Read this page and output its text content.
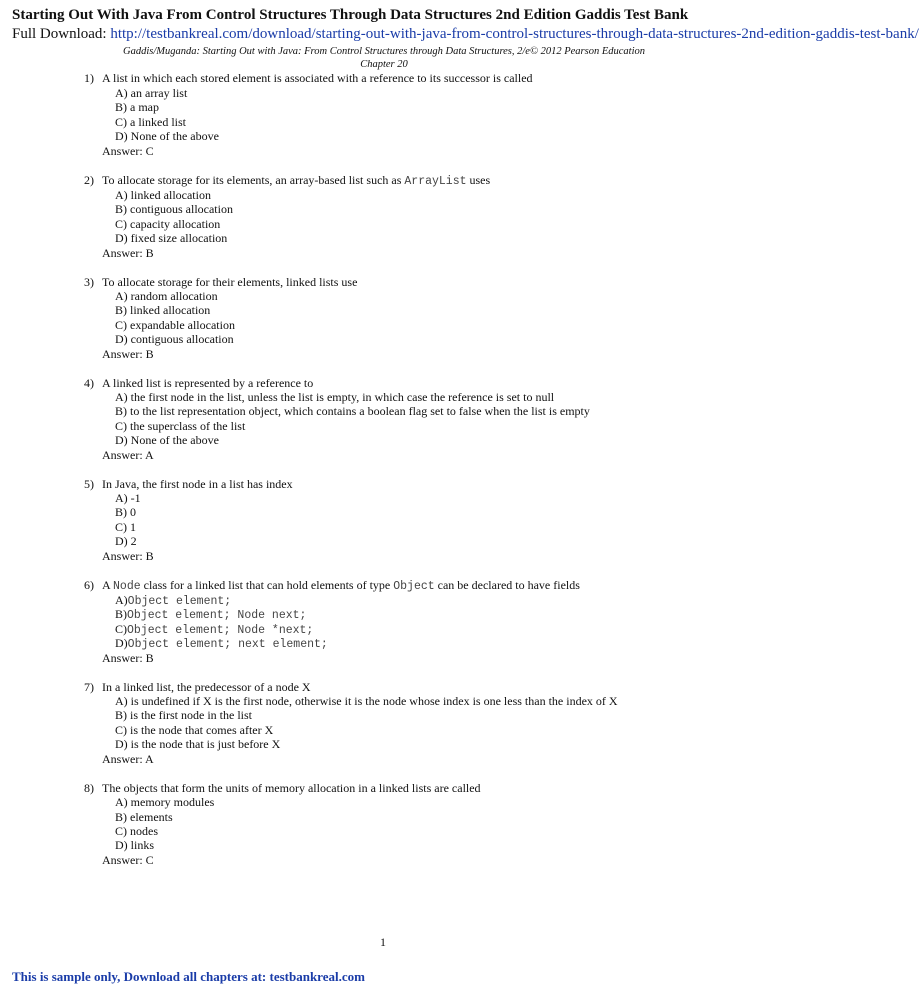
Starting Out With Java From Control Structures Through Data Structures 2nd Edition Gaddis Test Bank
Full Download: http://testbankreal.com/download/starting-out-with-java-from-control-structures-through-data-structures-2nd-edition-gaddis-test-bank/
Gaddis/Muganda: Starting Out with Java: From Control Structures through Data Structures, 2/e© 2012 Pearson Education
Chapter 20
1) A list in which each stored element is associated with a reference to its successor is called
A) an array list
B) a map
C) a linked list
D) None of the above
Answer: C
2) To allocate storage for its elements, an array-based list such as ArrayList uses
A) linked allocation
B) contiguous allocation
C) capacity allocation
D) fixed size allocation
Answer: B
3) To allocate storage for their elements, linked lists use
A) random allocation
B) linked allocation
C) expandable allocation
D) contiguous allocation
Answer: B
4) A linked list is represented by a reference to
A) the first node in the list, unless the list is empty, in which case the reference is set to null
B) to the list representation object, which contains a boolean flag set to false when the list is empty
C) the superclass of the list
D) None of the above
Answer: A
5) In Java, the first node in a list has index
A) -1
B) 0
C) 1
D) 2
Answer: B
6) A Node class for a linked list that can hold elements of type Object can be declared to have fields
A)Object element;
B)Object element; Node next;
C)Object element; Node *next;
D)Object element; next element;
Answer: B
7) In a linked list, the predecessor of a node X
A) is undefined if X is the first node, otherwise it is the node whose index is one less than the index of X
B) is the first node in the list
C) is the node that comes after X
D) is the node that is just before X
Answer: A
8) The objects that form the units of memory allocation in a linked lists are called
A) memory modules
B) elements
C) nodes
D) links
Answer: C
1
This is sample only, Download all chapters at: testbankreal.com
